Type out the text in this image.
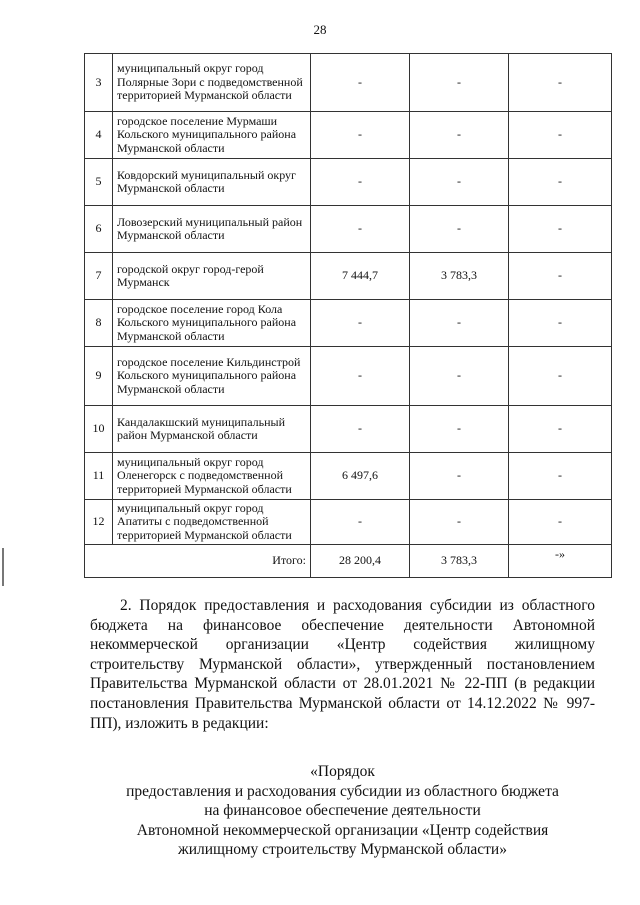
28
3	муниципальный округ город Полярные Зори с подведомственной территорией Мурманской области	-	-	-
4	городское поселение Мурмаши Кольского муниципального района Мурманской области	-	-	-
5	Ковдорский муниципальный округ Мурманской области	-	-	-
6	Ловозерский муниципальный район Мурманской области	-	-	-
7	городской округ город-герой Мурманск	7 444,7	3 783,3	-
8	городское поселение город Кола Кольского муниципального района Мурманской области	-	-	-
9	городское поселение Кильдинстрой Кольского муниципального района Мурманской области	-	-	-
10	Кандалакшский муниципальный район Мурманской области	-	-	-
11	муниципальный округ город Оленегорск с подведомственной территорией Мурманской области	6 497,6	-	-
12	муниципальный округ город Апатиты с подведомственной территорией Мурманской области	-	-	-
Итого:		28 200,4	3 783,3	-»
2. Порядок предоставления и расходования субсидии из областного бюджета на финансовое обеспечение деятельности Автономной некоммерческой организации «Центр содействия жилищному строительству Мурманской области», утвержденный постановлением Правительства Мурманской области от 28.01.2021 № 22-ПП (в редакции постановления Правительства Мурманской области от 14.12.2022 № 997-ПП), изложить в редакции:
«Порядок
предоставления и расходования субсидии из областного бюджета
на финансовое обеспечение деятельности
Автономной некоммерческой организации «Центр содействия
жилищному строительству Мурманской области»
